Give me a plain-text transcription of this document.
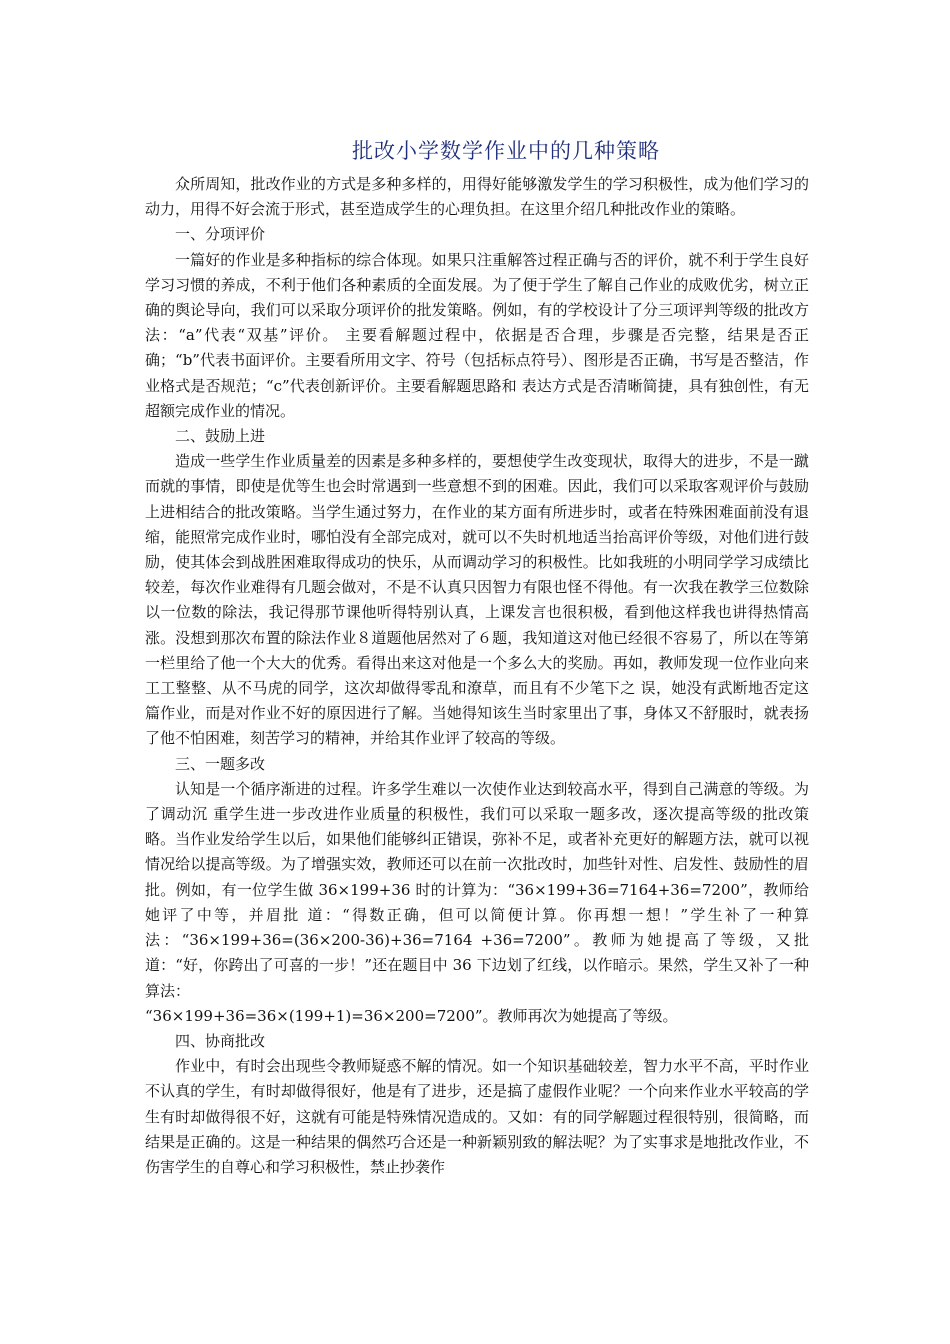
批改小学数学作业中的几种策略

众所周知，批改作业的方式是多种多样的，用得好能够激发学生的学习积极性，成为他们学习的动力，用得不好会流于形式，甚至造成学生的心理负担。在这里介绍几种批改作业的策略。

一、分项评价

一篇好的作业是多种指标的综合体现。如果只注重解答过程正确与否的评价，就不利于学生良好学习习惯的养成，不利于他们各种素质的全面发展。为了便于学生了解自己作业的成败优劣，树立正确的舆论导向，我们可以采取分项评价的批发策略。例如，有的学校设计了分三项评判等级的批改方法：“a”代表“双基”评价。 主要看解题过程中，依据是否合理，步骤是否完整，结果是否正确；“b”代表书面评价。主要看所用文字、符号（包括标点符号）、图形是否正确，书写是否整洁，作业格式是否规范；“c”代表创新评价。主要看解题思路和 表达方式是否清晰简捷，具有独创性，有无超额完成作业的情况。

二、鼓励上进

造成一些学生作业质量差的因素是多种多样的，要想使学生改变现状，取得大的进步，不是一蹴而就的事情，即使是优等生也会时常遇到一些意想不到的困难。因此，我们可以采取客观评价与鼓励上进相结合的批改策略。当学生通过努力，在作业的某方面有所进步时，或者在特殊困难面前没有退缩，能照常完成作业时，哪怕没有全部完成对，就可以不失时机地适当抬高评价等级，对他们进行鼓励，使其体会到战胜困难取得成功的快乐，从而调动学习的积极性。比如我班的小明同学学习成绩比较差，每次作业难得有几题会做对，不是不认真只因智力有限也怪不得他。有一次我在教学三位数除以一位数的除法，我记得那节课他听得特别认真，上课发言也很积极，看到他这样我也讲得热情高涨。没想到那次布置的除法作业８道题他居然对了６题，我知道这对他已经很不容易了，所以在等第一栏里给了他一个大大的优秀。看得出来这对他是一个多么大的奖励。再如，教师发现一位作业向来工工整整、从不马虎的同学，这次却做得零乱和潦草，而且有不少笔下之 误，她没有武断地否定这篇作业，而是对作业不好的原因进行了解。当她得知该生当时家里出了事，身体又不舒服时，就表扬了他不怕困难，刻苦学习的精神，并给其作业评了较高的等级。

三、一题多改

认知是一个循序渐进的过程。许多学生难以一次使作业达到较高水平，得到自己满意的等级。为了调动沉 重学生进一步改进作业质量的积极性，我们可以采取一题多改，逐次提高等级的批改策略。当作业发给学生以后，如果他们能够纠正错误，弥补不足，或者补充更好的解题方法，就可以视情况给以提高等级。为了增强实效，教师还可以在前一次批改时，加些针对性、启发性、鼓励性的眉批。例如，有一位学生做 36×199+36 时的计算为：“36×199+36=7164+36=7200”，教师给她评了中等，并眉批 道：“得数正确，但可以简便计算。你再想一想！”学生补了一种算法：“36×199+36=(36×200-36)+36=7164 +36=7200”。教师为她提高了等级，又批道：“好，你跨出了可喜的一步！”还在题目中 36 下边划了红线，以作暗示。果然，学生又补了一种算法：

“36×199+36=36×(199+1)=36×200=7200”。教师再次为她提高了等级。

四、协商批改

作业中，有时会出现些令教师疑惑不解的情况。如一个知识基础较差，智力水平不高，平时作业不认真的学生，有时却做得很好，他是有了进步，还是搞了虚假作业呢？一个向来作业水平较高的学生有时却做得很不好，这就有可能是特殊情况造成的。又如：有的同学解题过程很特别，很简略，而结果是正确的。这是一种结果的偶然巧合还是一种新颖别致的解法呢？为了实事求是地批改作业，不伤害学生的自尊心和学习积极性，禁止抄袭作
